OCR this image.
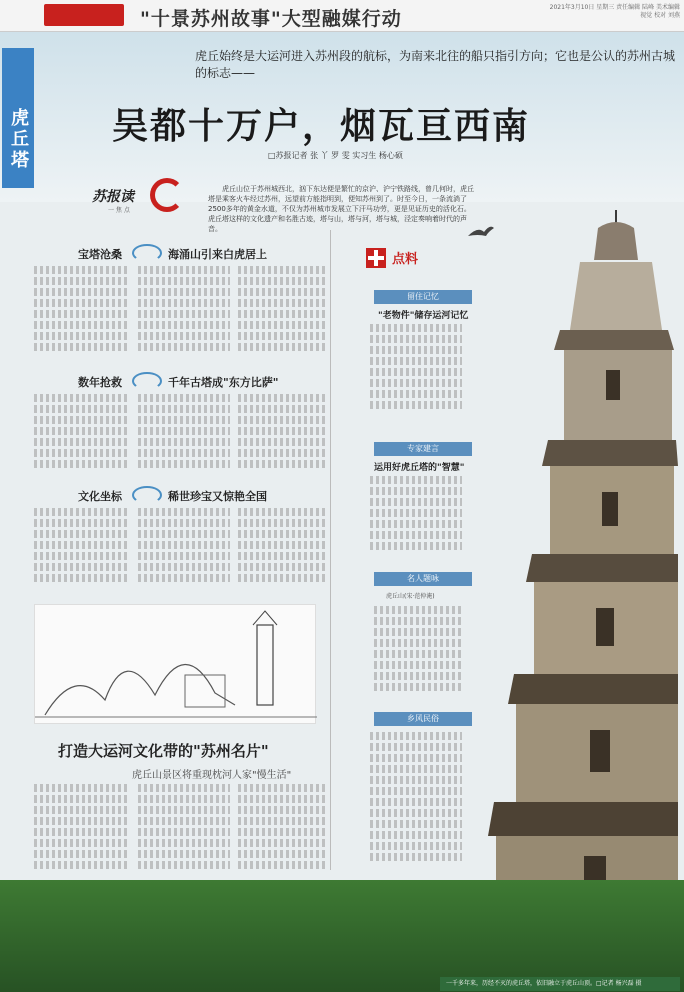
"十景苏州故事"大型融媒行动
2021年3月10日 星期三 责任编辑 陆峰 美术编辑 视觉 校对 刘燕
虎丘塔
虎丘始终是大运河进入苏州段的航标，为南来北往的船只指引方向；它也是公认的苏州古城的标志——
吴都十万户，烟瓦亘西南
□苏报记者 张 丫 罗 雯 实习生 杨心硕
苏报读
一 焦 点
虎丘山位于苏州城西北，汹下东达便是繁忙的京沪、沪宁铁路线，曾几何时，虎丘塔是乘客火车经过苏州，远望前方能指明到，便知苏州到了。时至今日，一条流淌了2500多年的黄金水道，不仅为苏州城市发展立下汗马功劳，更是见证历史的活化石。虎丘塔这样的文化遗产和名胜古迹，塔与山，塔与河，塔与城，泾定奏响着时代的声音。
宝塔沧桑	海涌山引来白虎居上
数年抢救	千年古塔成"东方比萨"
文化坐标	稀世珍宝又惊艳全国
打造大运河文化带的"苏州名片"
虎丘山景区将重现枕河人家"慢生活"
点料
留住记忆
"老物件"储存运河记忆
专家建言
运用好虎丘塔的"智慧"
名人题咏
虎丘山(宋·范仲淹)
乡风民俗
一千多年来，历经不灭的虎丘塔，依旧融立于虎丘山顶。□记者 杨兴磊 摄
